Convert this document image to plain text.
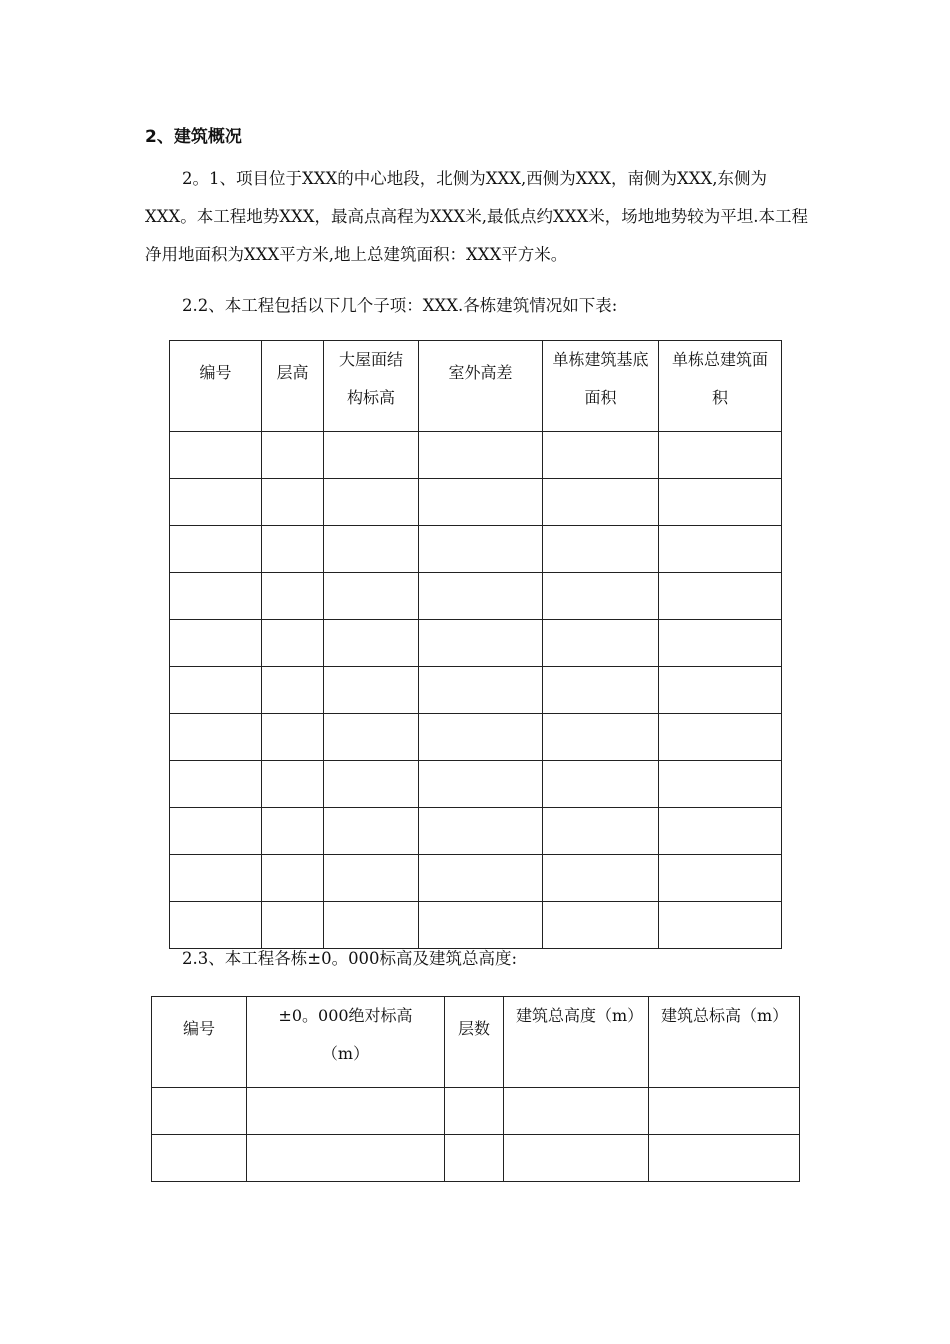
2、建筑概况

2。1、项目位于XXX的中心地段，北侧为XXX,西侧为XXX，南侧为XXX,东侧为XXX。本工程地势XXX，最高点高程为XXX米,最低点约XXX米，场地地势较为平坦.本工程净用地面积为XXX平方米,地上总建筑面积：XXX平方米。

2.2、本工程包括以下几个子项：XXX.各栋建筑情况如下表:

编号	层高	大屋面结构标高	室外高差	单栋建筑基底面积	单栋总建筑面积

2.3、本工程各栋±0。000标高及建筑总高度:

编号	±0。000绝对标高（m）	层数	建筑总高度（m）	建筑总标高（m）
